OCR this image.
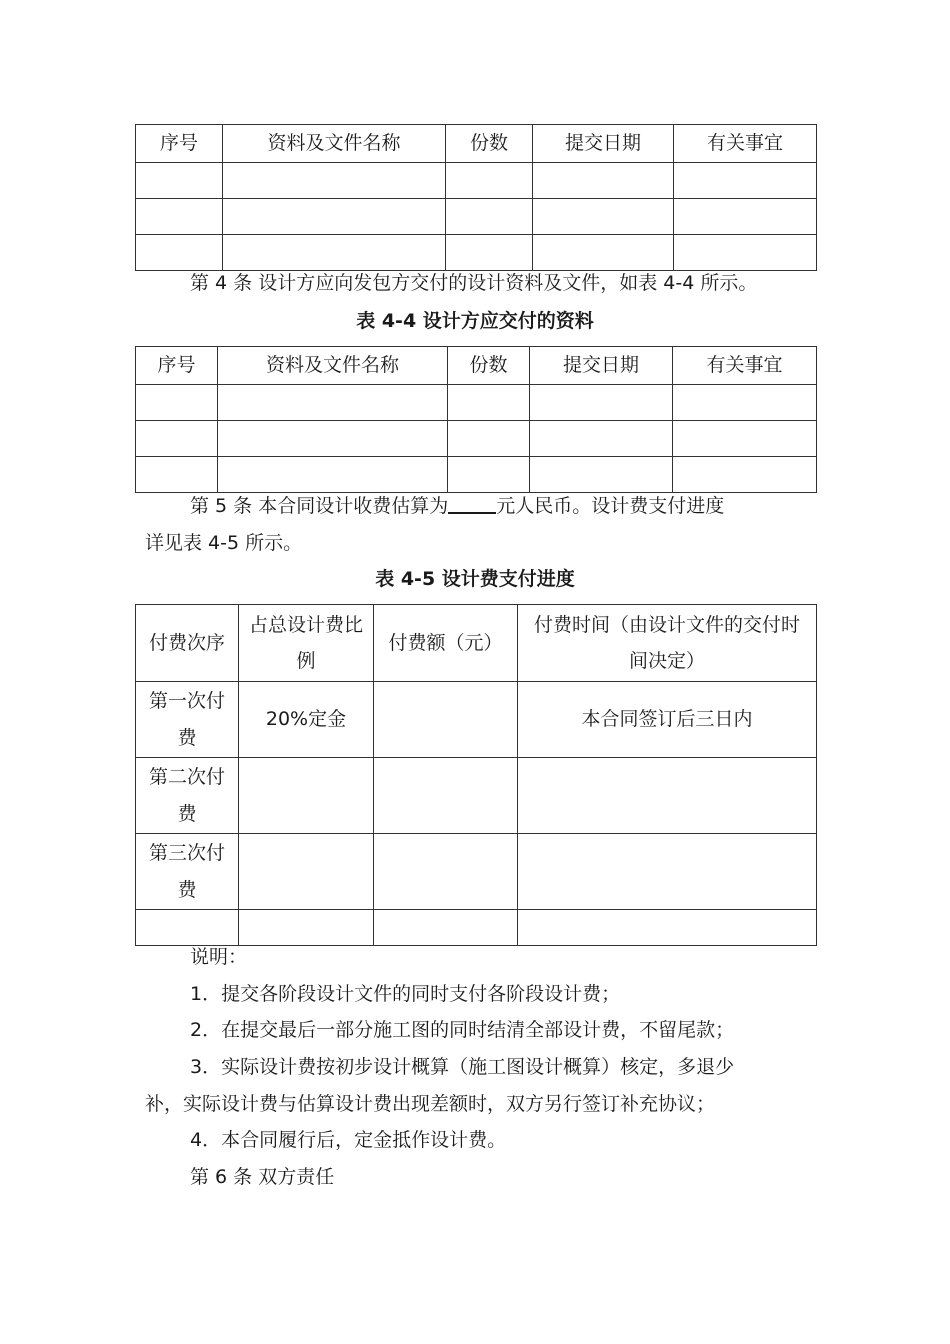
序号	资料及文件名称	份数	提交日期	有关事宜

第 4 条 设计方应向发包方交付的设计资料及文件，如表 4-4 所示。
表 4-4 设计方应交付的资料
序号	资料及文件名称	份数	提交日期	有关事宜

第 5 条 本合同设计收费估算为	元人民币。设计费支付进度
详见表 4-5 所示。
表 4-5 设计费支付进度
付费次序	占总设计费比例	付费额（元）	付费时间（由设计文件的交付时间决定）
第一次付费	20%定金		本合同签订后三日内
第二次付费			
第三次付费			

说明：
1．提交各阶段设计文件的同时支付各阶段设计费；
2．在提交最后一部分施工图的同时结清全部设计费，不留尾款；
3．实际设计费按初步设计概算（施工图设计概算）核定，多退少
补，实际设计费与估算设计费出现差额时，双方另行签订补充协议；
4．本合同履行后，定金抵作设计费。
第 6 条 双方责任
